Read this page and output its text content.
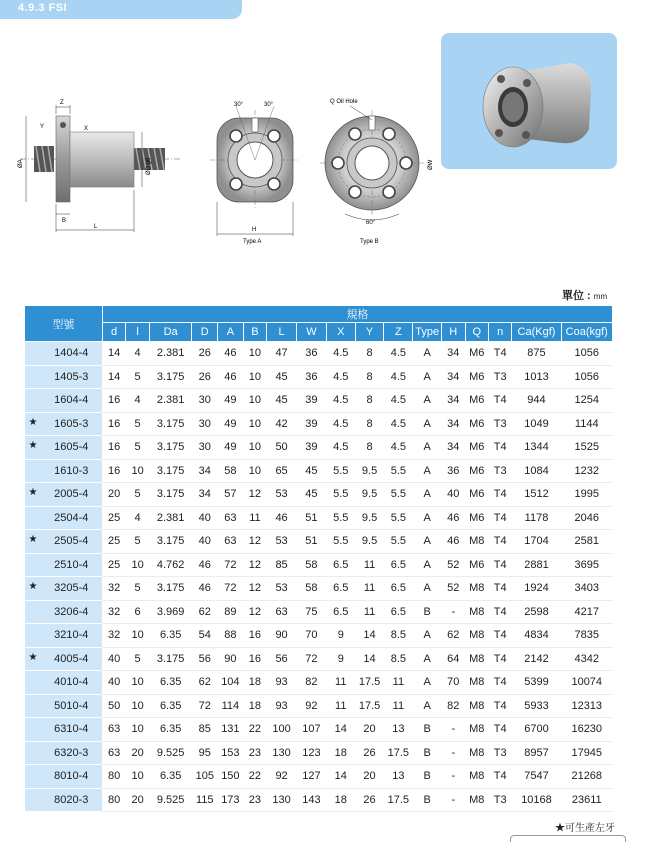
4.9.3 FSI
Z
Y	X
ØA	ØD g6
B
L
30°	30°
H
Type A
Q Oil Hole
ØW
60°
Type B
單位 : mm
型號	規格																
	d	l	Da	D	A	B	L	W	X	Y	Z	Type	H	Q	n	Ca(Kgf)	Coa(kgf)

1404-4	14	4	2.381	26	46	10	47	36	4.5	8	4.5	A	34	M6	T4	875	1056

1405-3	14	5	3.175	26	46	10	45	36	4.5	8	4.5	A	34	M6	T3	1013	1056

1604-4	16	4	2.381	30	49	10	45	39	4.5	8	4.5	A	34	M6	T4	944	1254

★ 1605-3	16	5	3.175	30	49	10	42	39	4.5	8	4.5	A	34	M6	T3	1049	1144

★ 1605-4	16	5	3.175	30	49	10	50	39	4.5	8	4.5	A	34	M6	T4	1344	1525

1610-3	16	10	3.175	34	58	10	65	45	5.5	9.5	5.5	A	36	M6	T3	1084	1232

★ 2005-4	20	5	3.175	34	57	12	53	45	5.5	9.5	5.5	A	40	M6	T4	1512	1995

2504-4	25	4	2.381	40	63	11	46	51	5.5	9.5	5.5	A	46	M6	T4	1178	2046

★ 2505-4	25	5	3.175	40	63	12	53	51	5.5	9.5	5.5	A	46	M8	T4	1704	2581

2510-4	25	10	4.762	46	72	12	85	58	6.5	11	6.5	A	52	M6	T4	2881	3695

★ 3205-4	32	5	3.175	46	72	12	53	58	6.5	11	6.5	A	52	M8	T4	1924	3403

3206-4	32	6	3.969	62	89	12	63	75	6.5	11	6.5	B	-	M8	T4	2598	4217

3210-4	32	10	6.35	54	88	16	90	70	9	14	8.5	A	62	M8	T4	4834	7835

★ 4005-4	40	5	3.175	56	90	16	56	72	9	14	8.5	A	64	M8	T4	2142	4342

4010-4	40	10	6.35	62	104	18	93	82	11	17.5	11	A	70	M8	T4	5399	10074

5010-4	50	10	6.35	72	114	18	93	92	11	17.5	11	A	82	M8	T4	5933	12313

6310-4	63	10	6.35	85	131	22	100	107	14	20	13	B	-	M8	T4	6700	16230

6320-3	63	20	9.525	95	153	23	130	123	18	26	17.5	B	-	M8	T3	8957	17945

8010-4	80	10	6.35	105	150	22	92	127	14	20	13	B	-	M8	T4	7547	21268

8020-3	80	20	9.525	115	173	23	130	143	18	26	17.5	B	-	M8	T3	10168	23611
★可生產左牙
